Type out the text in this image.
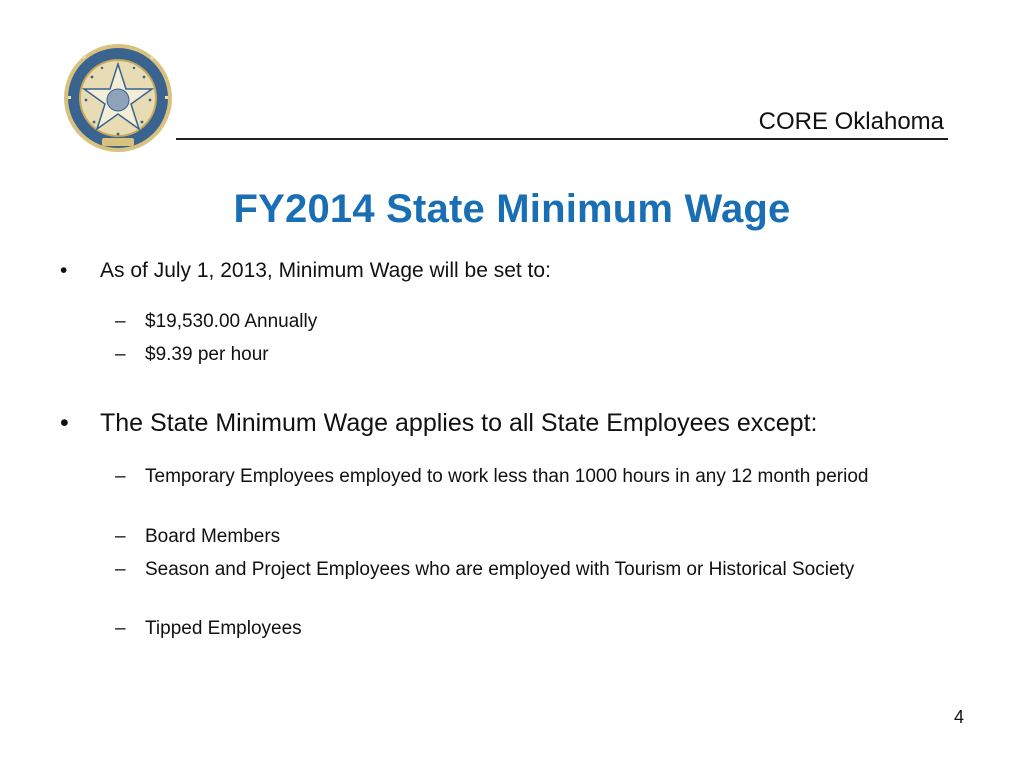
CORE Oklahoma
FY2014 State Minimum Wage
• As of July 1, 2013, Minimum Wage will be set to:
– $19,530.00 Annually
– $9.39 per hour
• The State Minimum Wage applies to all State Employees except:
– Temporary Employees employed to work less than 1000 hours in any 12 month period
– Board Members
– Season and Project Employees who are employed with Tourism or Historical Society
– Tipped Employees
4
